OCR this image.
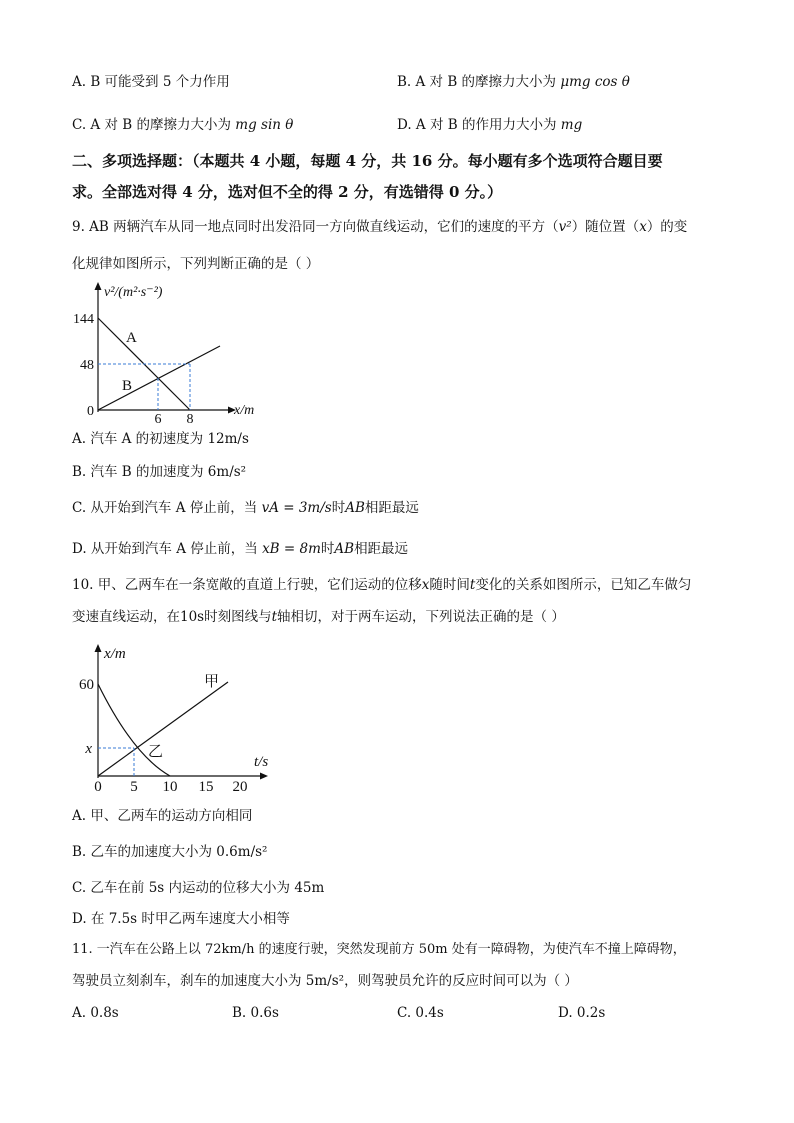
A. B 可能受到 5 个力作用	B. A 对 B 的摩擦力大小为 μmg cos θ
C. A 对 B 的摩擦力大小为 mg sin θ	D. A 对 B 的作用力大小为 mg
二、多项选择题：（本题共 4 小题，每题 4 分，共 16 分。每小题有多个选项符合题目要
求。全部选对得 4 分，选对但不全的得 2 分，有选错得 0 分。）
9. AB 两辆汽车从同一地点同时出发沿同一方向做直线运动，它们的速度的平方（v²）随位置（x）的变
化规律如图所示，下列判断正确的是（ ）
v²/(m²·s⁻²)
144
48
0
6 8
x/m
A
B
A. 汽车 A 的初速度为 12m/s
B. 汽车 B 的加速度为 6m/s²
C. 从开始到汽车 A 停止前，当 vA = 3m/s时AB相距最远
D. 从开始到汽车 A 停止前，当 xB = 8m时AB相距最远
10. 甲、乙两车在一条宽敞的直道上行驶，它们运动的位移x随时间t变化的关系如图所示，已知乙车做匀
变速直线运动，在10s时刻图线与t轴相切，对于两车运动，下列说法正确的是（ ）
x/m
60
x
0 5 10 15 20
t/s
甲
乙
A. 甲、乙两车的运动方向相同
B. 乙车的加速度大小为 0.6m/s²
C. 乙车在前 5s 内运动的位移大小为 45m
D. 在 7.5s 时甲乙两车速度大小相等
11. 一汽车在公路上以 72km/h 的速度行驶，突然发现前方 50m 处有一障碍物，为使汽车不撞上障碍物，
驾驶员立刻刹车，刹车的加速度大小为 5m/s²，则驾驶员允许的反应时间可以为（ ）
A. 0.8s	B. 0.6s	C. 0.4s	D. 0.2s
